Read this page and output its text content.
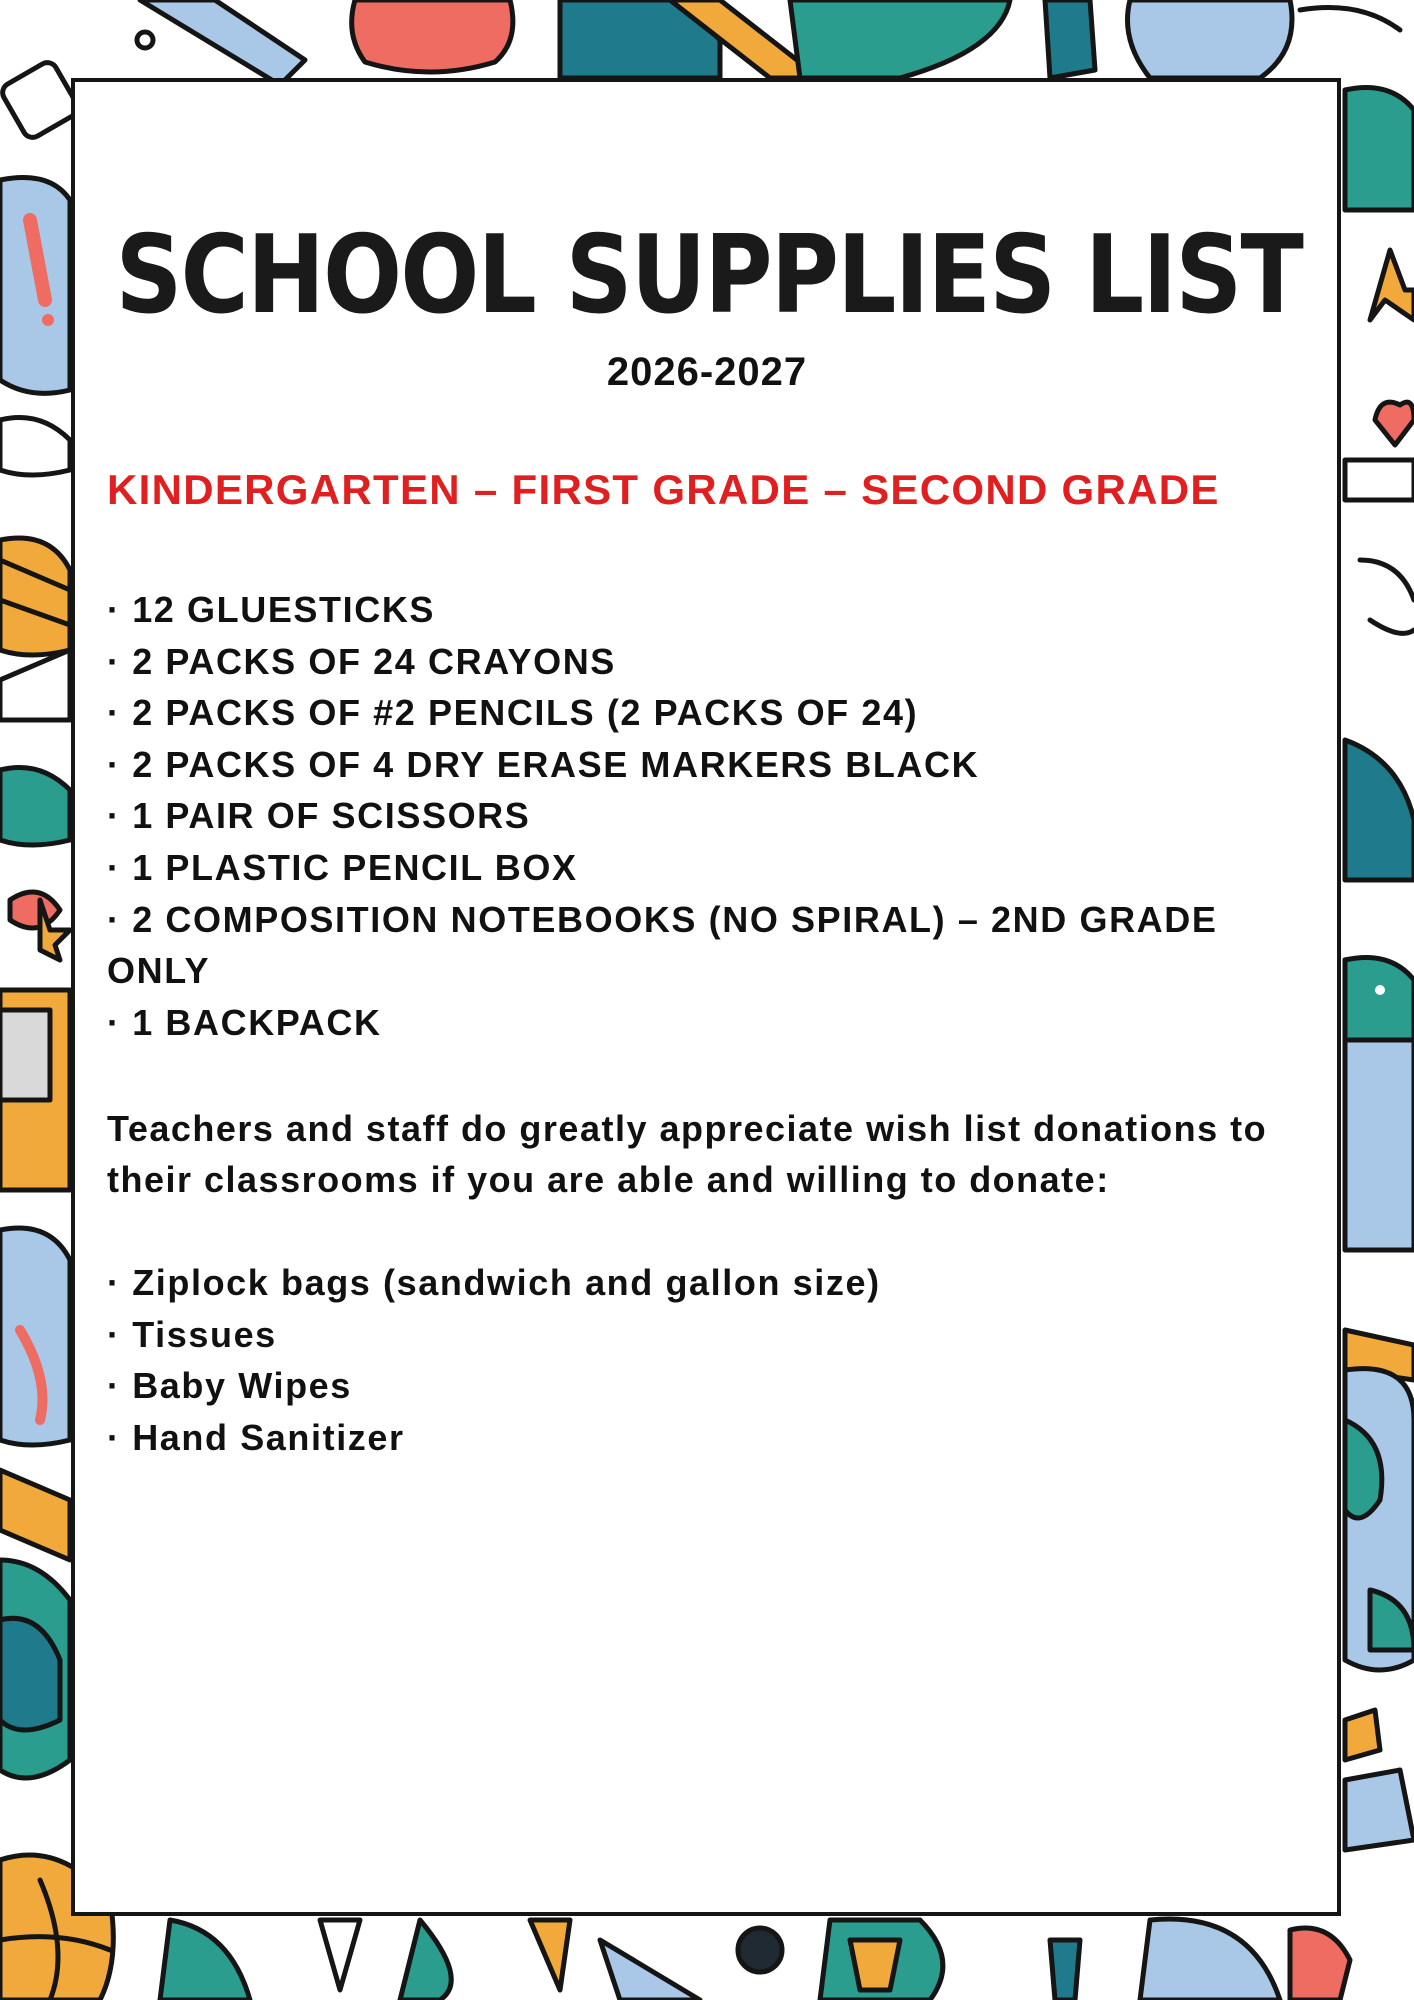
SCHOOL SUPPLIES LIST
2026-2027
KINDERGARTEN – FIRST GRADE – SECOND GRADE
· 12 GLUESTICKS
· 2 PACKS OF 24 CRAYONS
· 2 PACKS OF #2 PENCILS (2 PACKS OF 24)
· 2 PACKS OF 4 DRY ERASE MARKERS BLACK
· 1 PAIR OF SCISSORS
· 1 PLASTIC PENCIL BOX
· 2 COMPOSITION NOTEBOOKS (NO SPIRAL) – 2ND GRADE ONLY
· 1 BACKPACK
Teachers and staff do greatly appreciate wish list donations to their classrooms if you are able and willing to donate:
· Ziplock bags (sandwich and gallon size)
· Tissues
· Baby Wipes
· Hand Sanitizer
